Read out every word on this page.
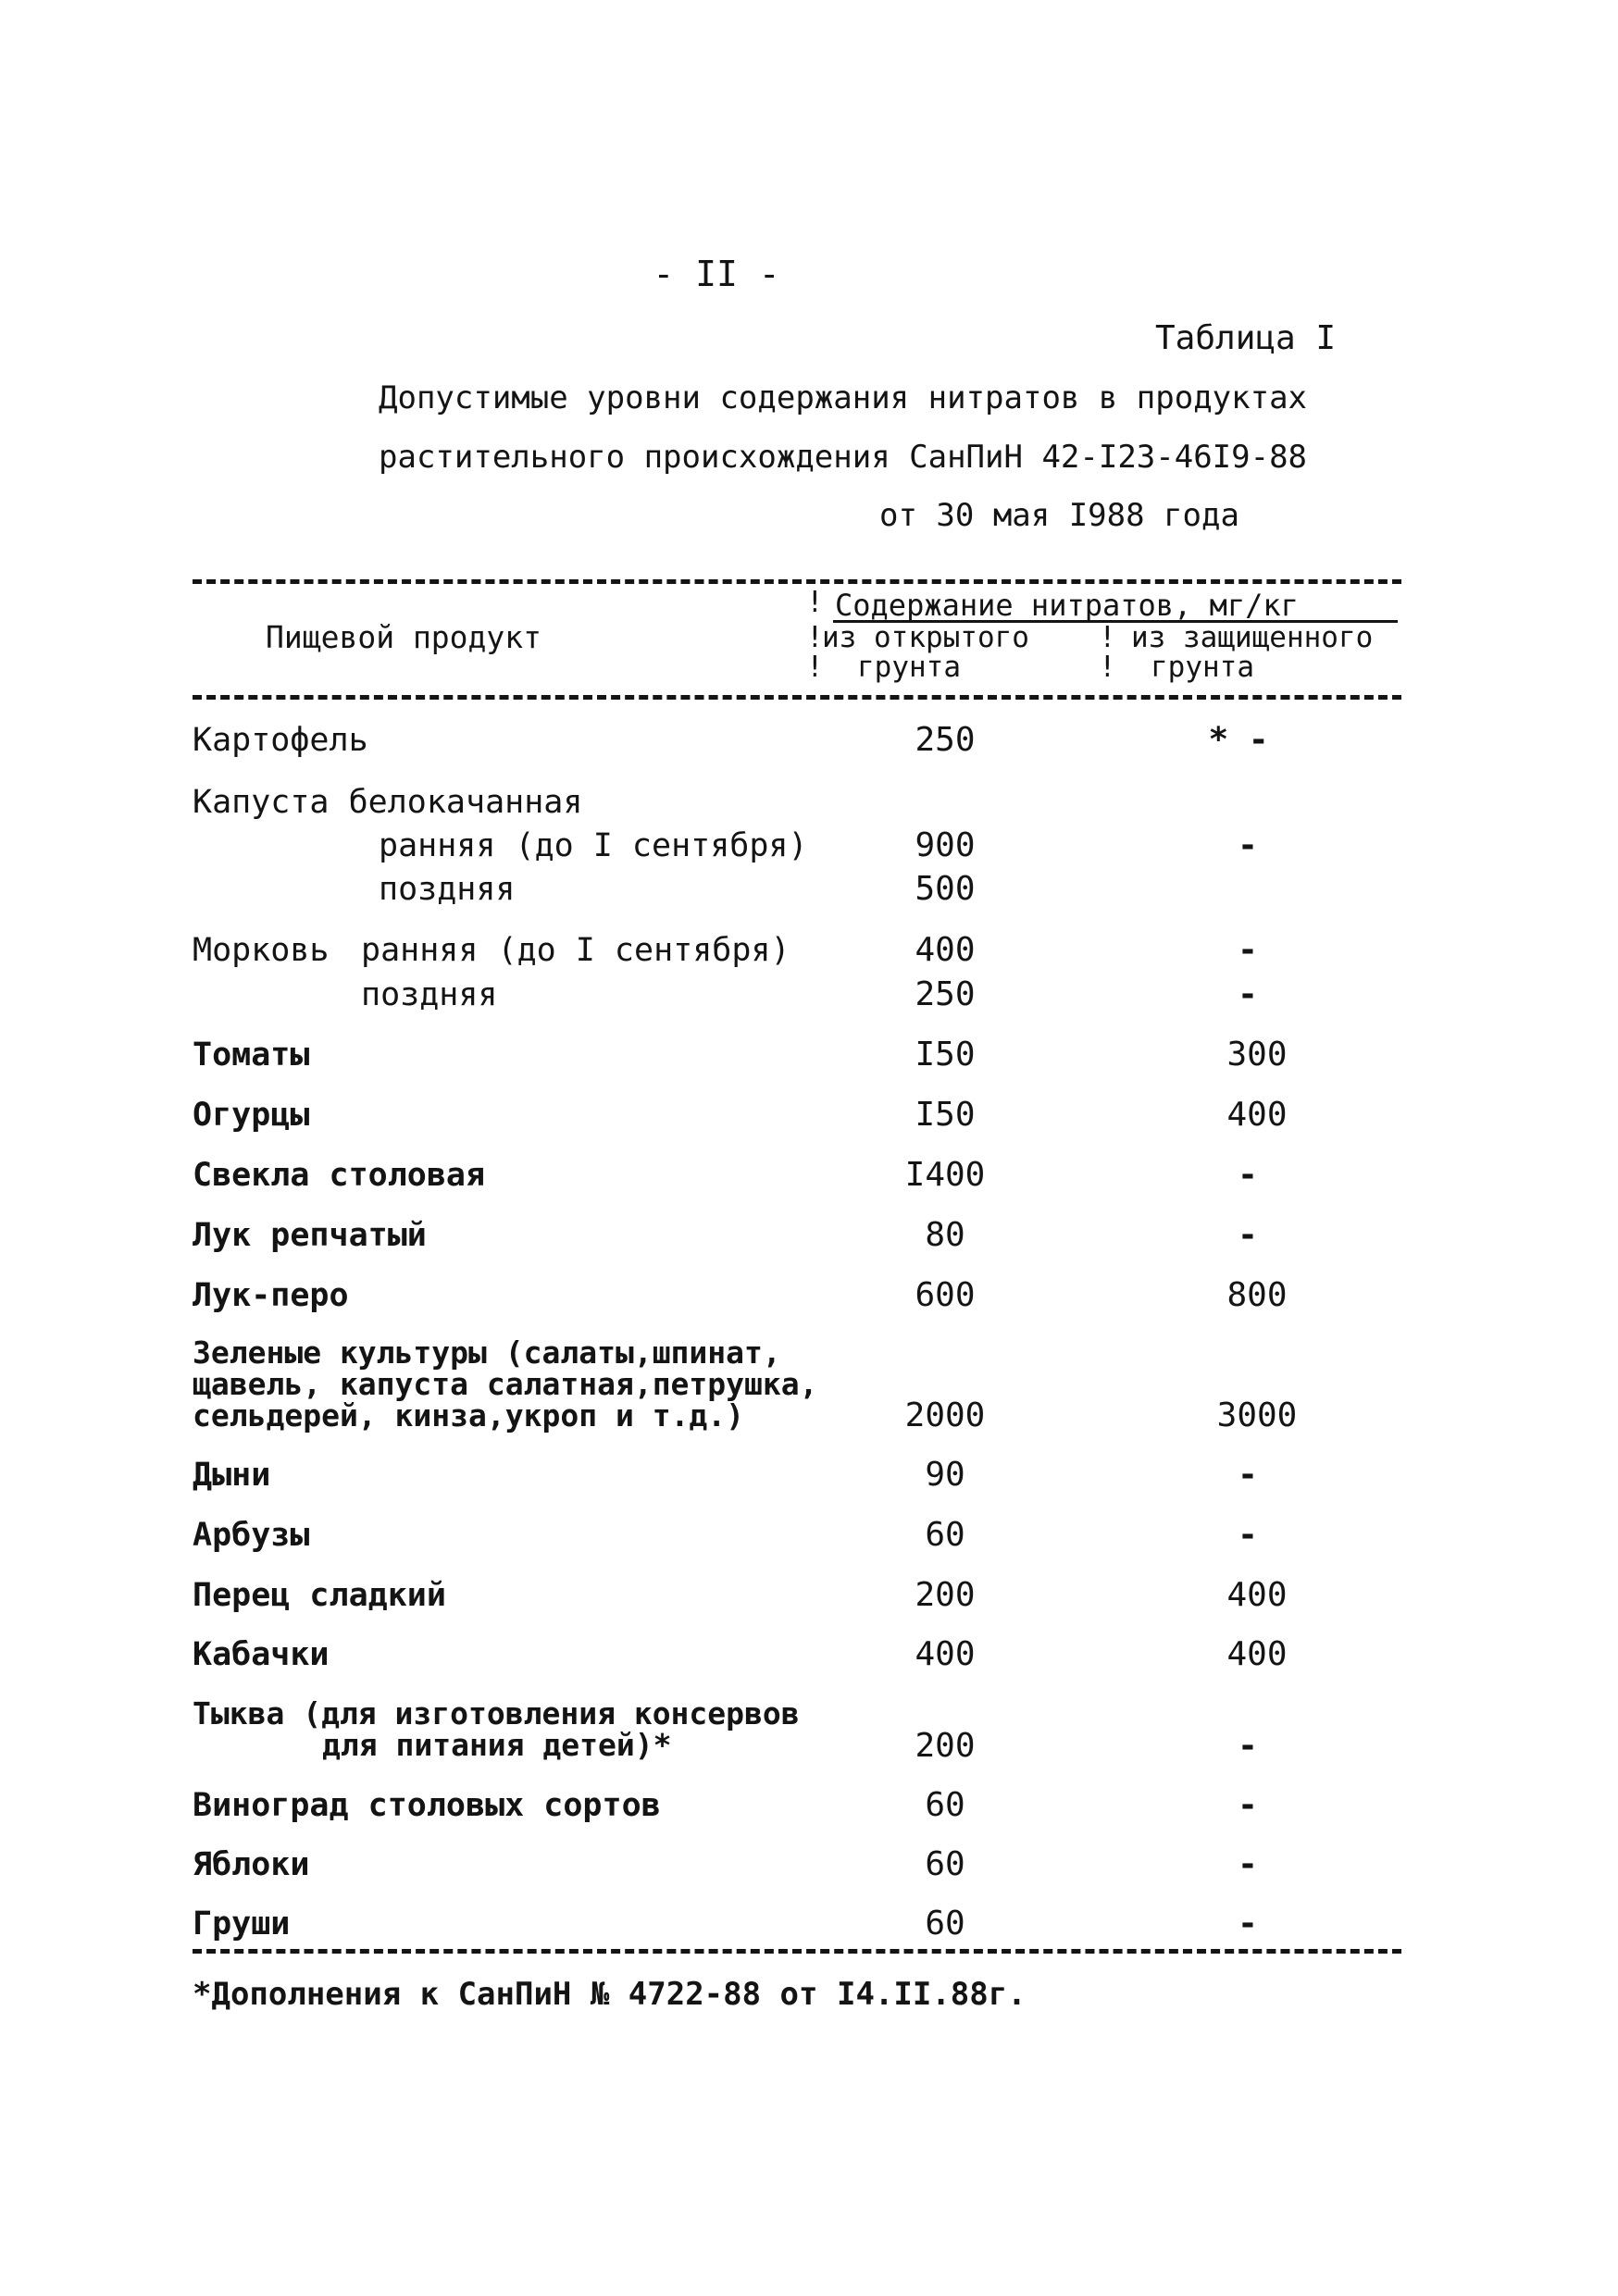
- II -
Таблица I
Допустимые уровни содержания нитратов в продуктах
растительного происхождения СанПиН 42-I23-46I9-88
от 30 мая I988 года
Пищевой продукт
! Содержание нитратов, мг/кг
!
из открытого ! из защищенного
! грунта	! грунта
Картофель	250	* -
Капуста белокачанная
ранняя (до I сентября)	900	-
поздняя	500
Морковь ранняя (до I сентября)	400	-
поздняя	250	-
Томаты	I50	300
Огурцы	I50	400
Свекла столовая	I400	-
Лук репчатый	80	-
Лук-перо	600	800
Зеленые культуры (салаты,шпинат,
щавель, капуста салатная,петрушка,
сельдерей, кинза,укроп и т.д.)	2000	3000
Дыни	90	-
Арбузы	60	-
Перец сладкий	200	400
Кабачки	400	400
Тыква (для изготовления консервов
для питания детей)*	200	-
Виноград столовых сортов	60	-
Яблоки	60	-
Груши	60	-
*Дополнения к СанПиН № 4722-88 от I4.II.88г.
